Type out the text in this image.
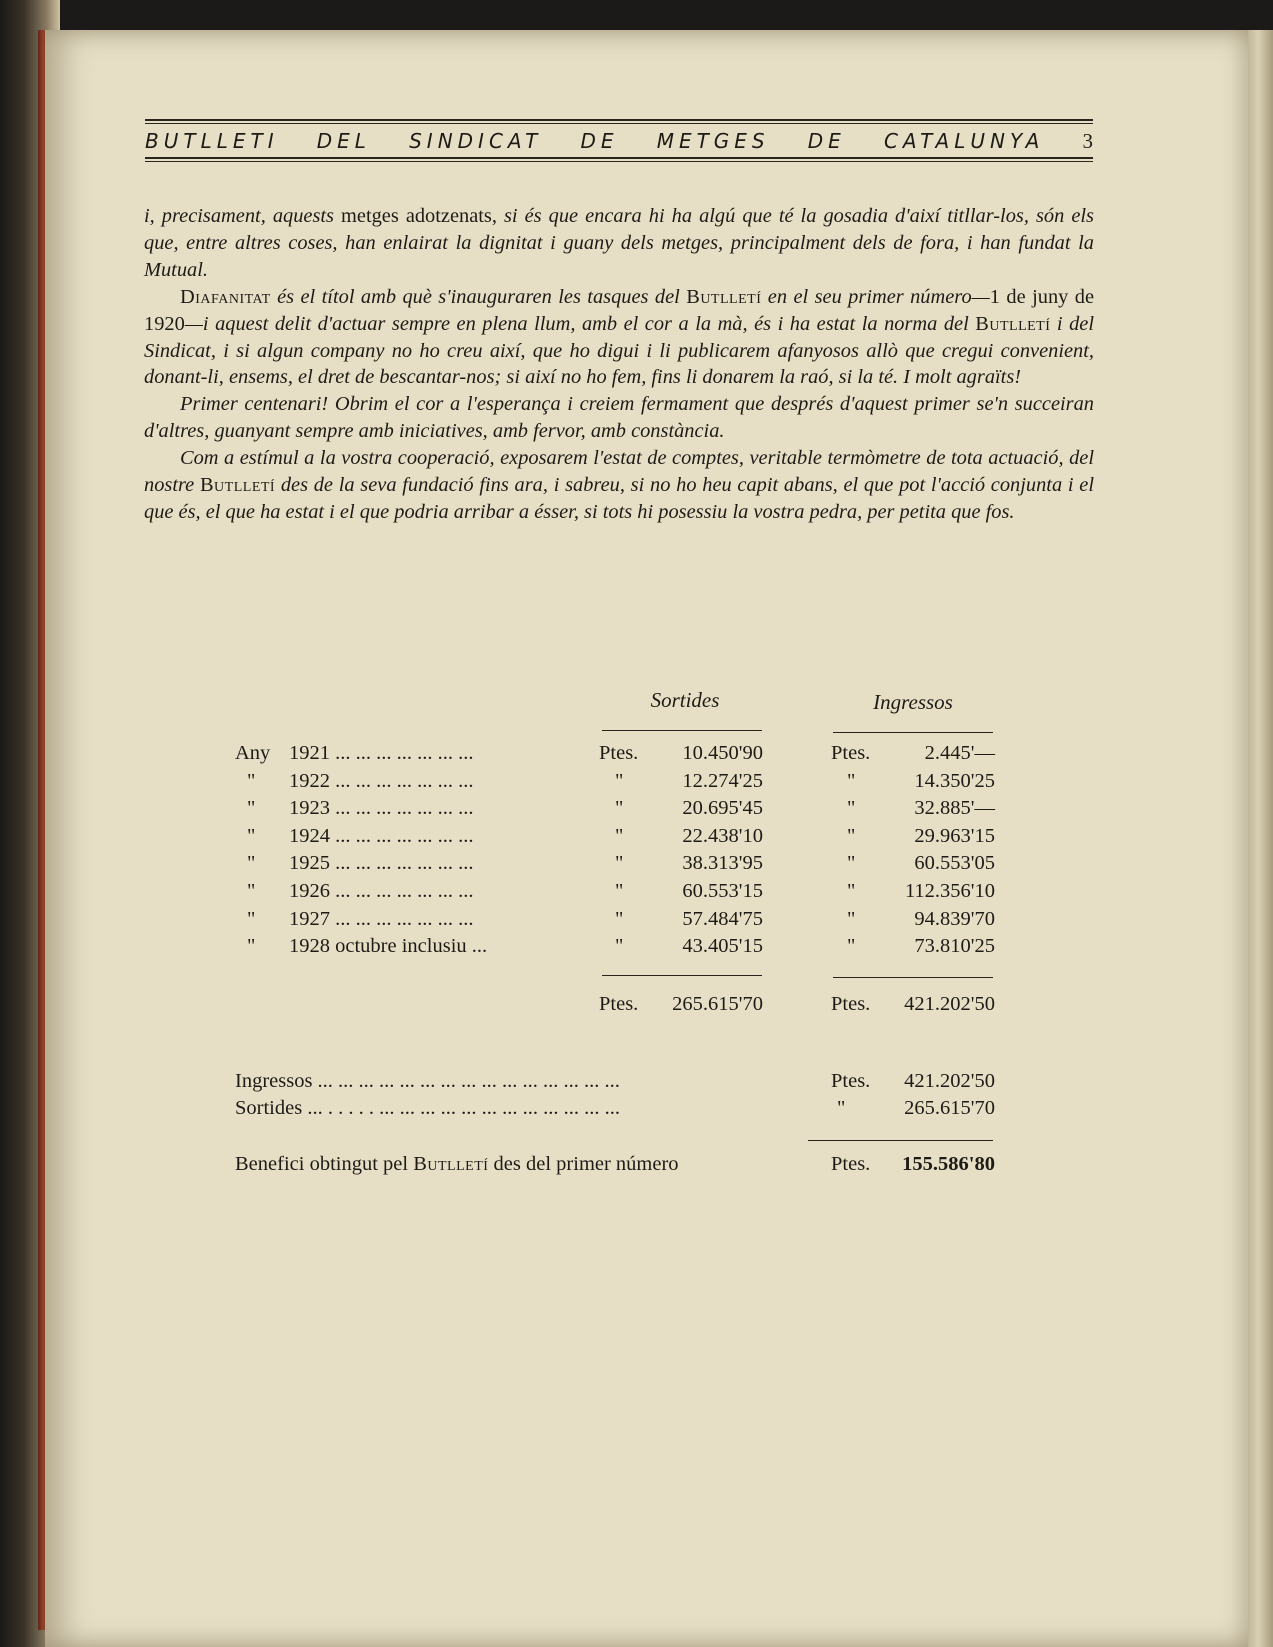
BUTLLETI DEL SINDICAT DE METGES DE CATALUNYA 3

i, precisament, aquests metges adotzenats, si és que encara hi ha algú que té la gosadia d'així titllar-los, són els que, entre altres coses, han enlairat la dignitat i guany dels metges, principalment dels de fora, i han fundat la Mutual.

Diafanitat és el títol amb què s'inauguraren les tasques del Butlletí en el seu primer número—1 de juny de 1920—i aquest delit d'actuar sempre en plena llum, amb el cor a la mà, és i ha estat la norma del Butlletí i del Sindicat, i si algun company no ho creu així, que ho digui i li publicarem afanyosos allò que cregui convenient, donant-li, ensems, el dret de bescantar-nos; si així no ho fem, fins li donarem la raó, si la té. I molt agraïts!

Primer centenari! Obrim el cor a l'esperança i creiem fermament que després d'aquest primer se'n succeiran d'altres, guanyant sempre amb iniciatives, amb fervor, amb constància.

Com a estímul a la vostra cooperació, exposarem l'estat de comptes, veritable termòmetre de tota actuació, del nostre Butlletí des de la seva fundació fins ara, i sabreu, si no ho heu capit abans, el que pot l'acció conjunta i el que és, el que ha estat i el que podria arribar a ésser, si tots hi posessiu la vostra pedra, per petita que fos.

Sortides	Ingressos
Any 1921 ... ... ... ... ... ... ...	Ptes.	10.450'90	Ptes.	2.445'—
" 1922 ... ... ... ... ... ... ...	"	12.274'25	"	14.350'25
" 1923 ... ... ... ... ... ... ...	"	20.695'45	"	32.885'—
" 1924 ... ... ... ... ... ... ...	"	22.438'10	"	29.963'15
" 1925 ... ... ... ... ... ... ...	"	38.313'95	"	60.553'05
" 1926 ... ... ... ... ... ... ...	"	60.553'15	"	112.356'10
" 1927 ... ... ... ... ... ... ...	"	57.484'75	"	94.839'70
" 1928 octubre inclusiu ...	"	43.405'15	"	73.810'25
Ptes.	265.615'70	Ptes.	421.202'50
Ingressos ... ... ... ... ... ... ... ... ... ... ... ... ... ... ...	Ptes.	421.202'50
Sortides ... . . . . . ... ... ... ... ... ... ... ... ... ... ... ...	"	265.615'70
Benefici obtingut pel Butlletí des del primer número	Ptes.	155.586'80
